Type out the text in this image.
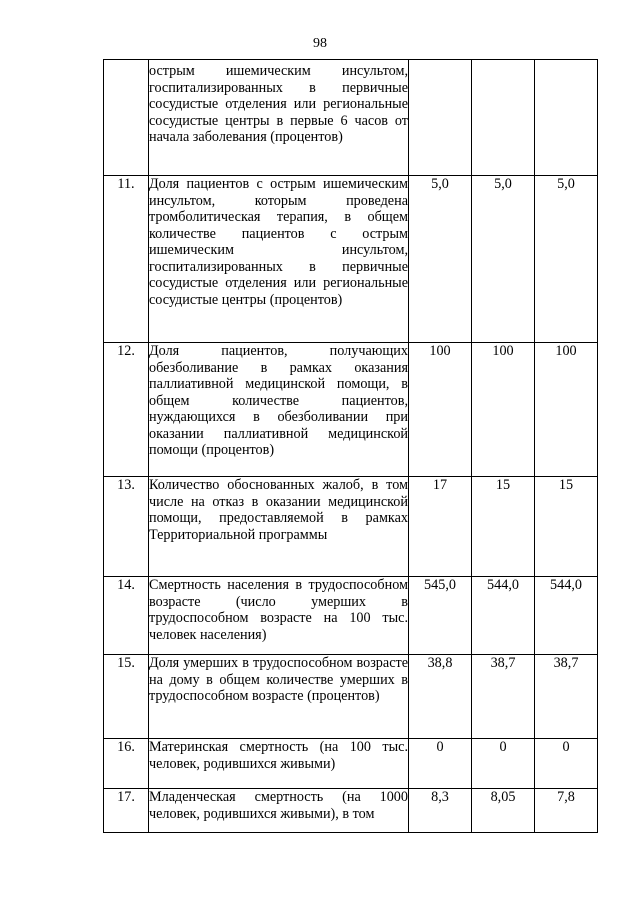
98
	острым ишемическим инсультом, госпитализированных в первичные сосудистые отделения или региональные сосудистые центры в первые 6 часов от начала заболевания (процентов)			
11.	Доля пациентов с острым ишемическим инсультом, которым проведена тромболитическая терапия, в общем количестве пациентов с острым ишемическим инсультом, госпитализированных в первичные сосудистые отделения или региональные сосудистые центры (процентов)	5,0	5,0	5,0
12.	Доля пациентов, получающих обезболивание в рамках оказания паллиативной медицинской помощи, в общем количестве пациентов, нуждающихся в обезболивании при оказании паллиативной медицинской помощи (процентов)	100	100	100
13.	Количество обоснованных жалоб, в том числе на отказ в оказании медицинской помощи, предоставляемой в рамках Территориальной программы	17	15	15
14.	Смертность населения в трудоспособном возрасте (число умерших в трудоспособном возрасте на 100 тыс. человек населения)	545,0	544,0	544,0
15.	Доля умерших в трудоспособном возрасте на дому в общем количестве умерших в трудоспособном возрасте (процентов)	38,8	38,7	38,7
16.	Материнская смертность (на 100 тыс. человек, родившихся живыми)	0	0	0
17.	Младенческая смертность (на 1000 человек, родившихся живыми), в том	8,3	8,05	7,8
